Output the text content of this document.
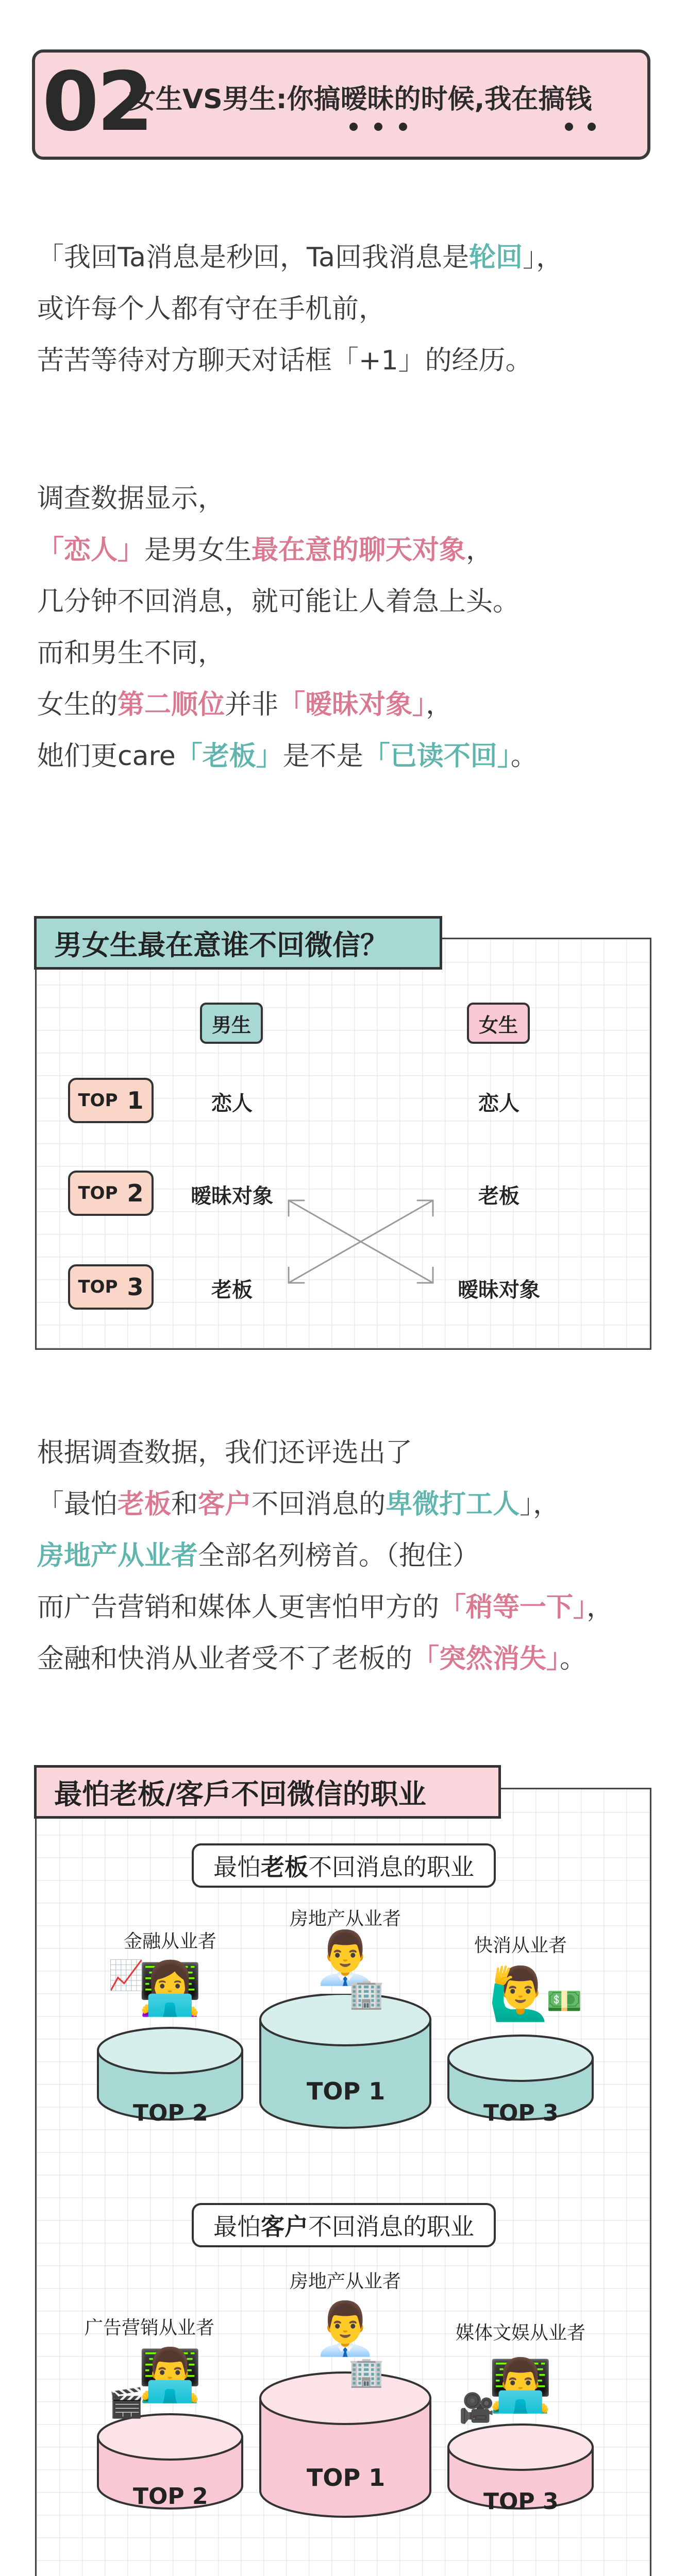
02
女生VS男生:你搞暧昧的时候,我在搞钱
「我回Ta消息是秒回，Ta回我消息是轮回」，
或许每个人都有守在手机前，
苦苦等待对方聊天对话框「+1」的经历。
调查数据显示，
「恋人」是男女生最在意的聊天对象，
几分钟不回消息，就可能让人着急上头。
而和男生不同，
女生的第二顺位并非「暧昧对象」，
她们更care「老板」是不是「已读不回」。
男女生最在意谁不回微信？
男生	女生
TOP 1	恋人	恋人
TOP 2	暧昧对象	老板
TOP 3	老板	暧昧对象
根据调查数据，我们还评选出了
「最怕老板和客户不回消息的卑微打工人」，
房地产从业者全部名列榜首。（抱住）
而广告营销和媒体人更害怕甲方的「稍等一下」，
金融和快消从业者受不了老板的「突然消失」。
最怕老板/客戶不回微信的职业
最怕 老板 不回消息的职业
金融从业者
房地产从业者
快消从业者
👩‍💻
👨‍💼
🙋‍♂️
📈
🏢	💵
TOP 2
TOP 1
TOP 3
最怕 客户 不回消息的职业
广告营销从业者
房地产从业者
媒体文娱从业者
👨‍💻
👨‍💼
👨‍💻
🎬
🏢
🎥
TOP 2
TOP 1
TOP 3
